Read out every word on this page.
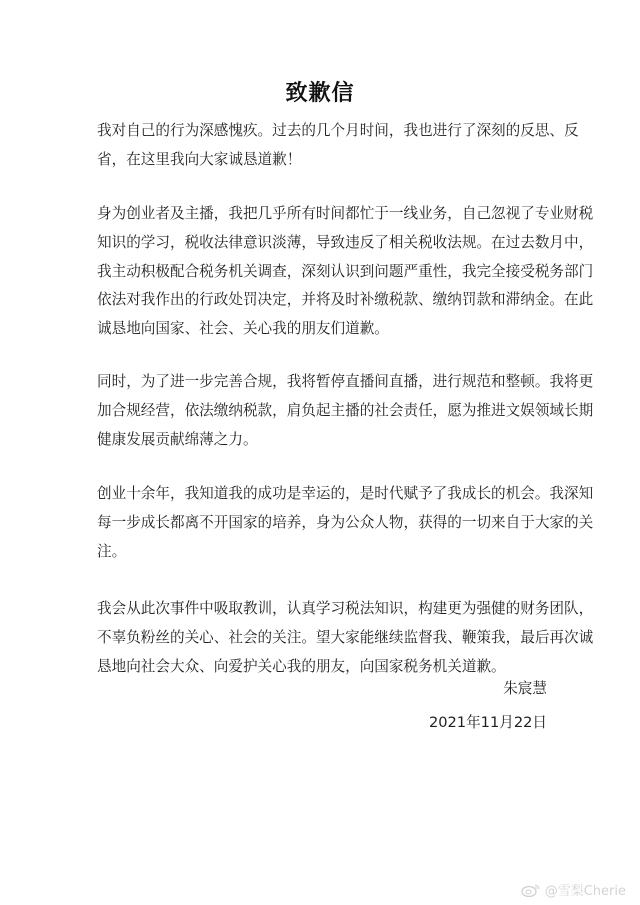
致歉信
我对自己的行为深感愧疚。过去的几个月时间，我也进行了深刻的反思、反
省，在这里我向大家诚恳道歉！
身为创业者及主播，我把几乎所有时间都忙于一线业务，自己忽视了专业财税
知识的学习，税收法律意识淡薄，导致违反了相关税收法规。在过去数月中，
我主动积极配合税务机关调查，深刻认识到问题严重性，我完全接受税务部门
依法对我作出的行政处罚决定，并将及时补缴税款、缴纳罚款和滞纳金。在此
诚恳地向国家、社会、关心我的朋友们道歉。
同时，为了进一步完善合规，我将暂停直播间直播，进行规范和整顿。我将更
加合规经营，依法缴纳税款，肩负起主播的社会责任，愿为推进文娱领域长期
健康发展贡献绵薄之力。
创业十余年，我知道我的成功是幸运的，是时代赋予了我成长的机会。我深知
每一步成长都离不开国家的培养，身为公众人物，获得的一切来自于大家的关
注。
我会从此次事件中吸取教训，认真学习税法知识，构建更为强健的财务团队，
不辜负粉丝的关心、社会的关注。望大家能继续监督我、鞭策我，最后再次诚
恳地向社会大众、向爱护关心我的朋友，向国家税务机关道歉。
朱宸慧
2021年11月22日
@雪梨Cherie
